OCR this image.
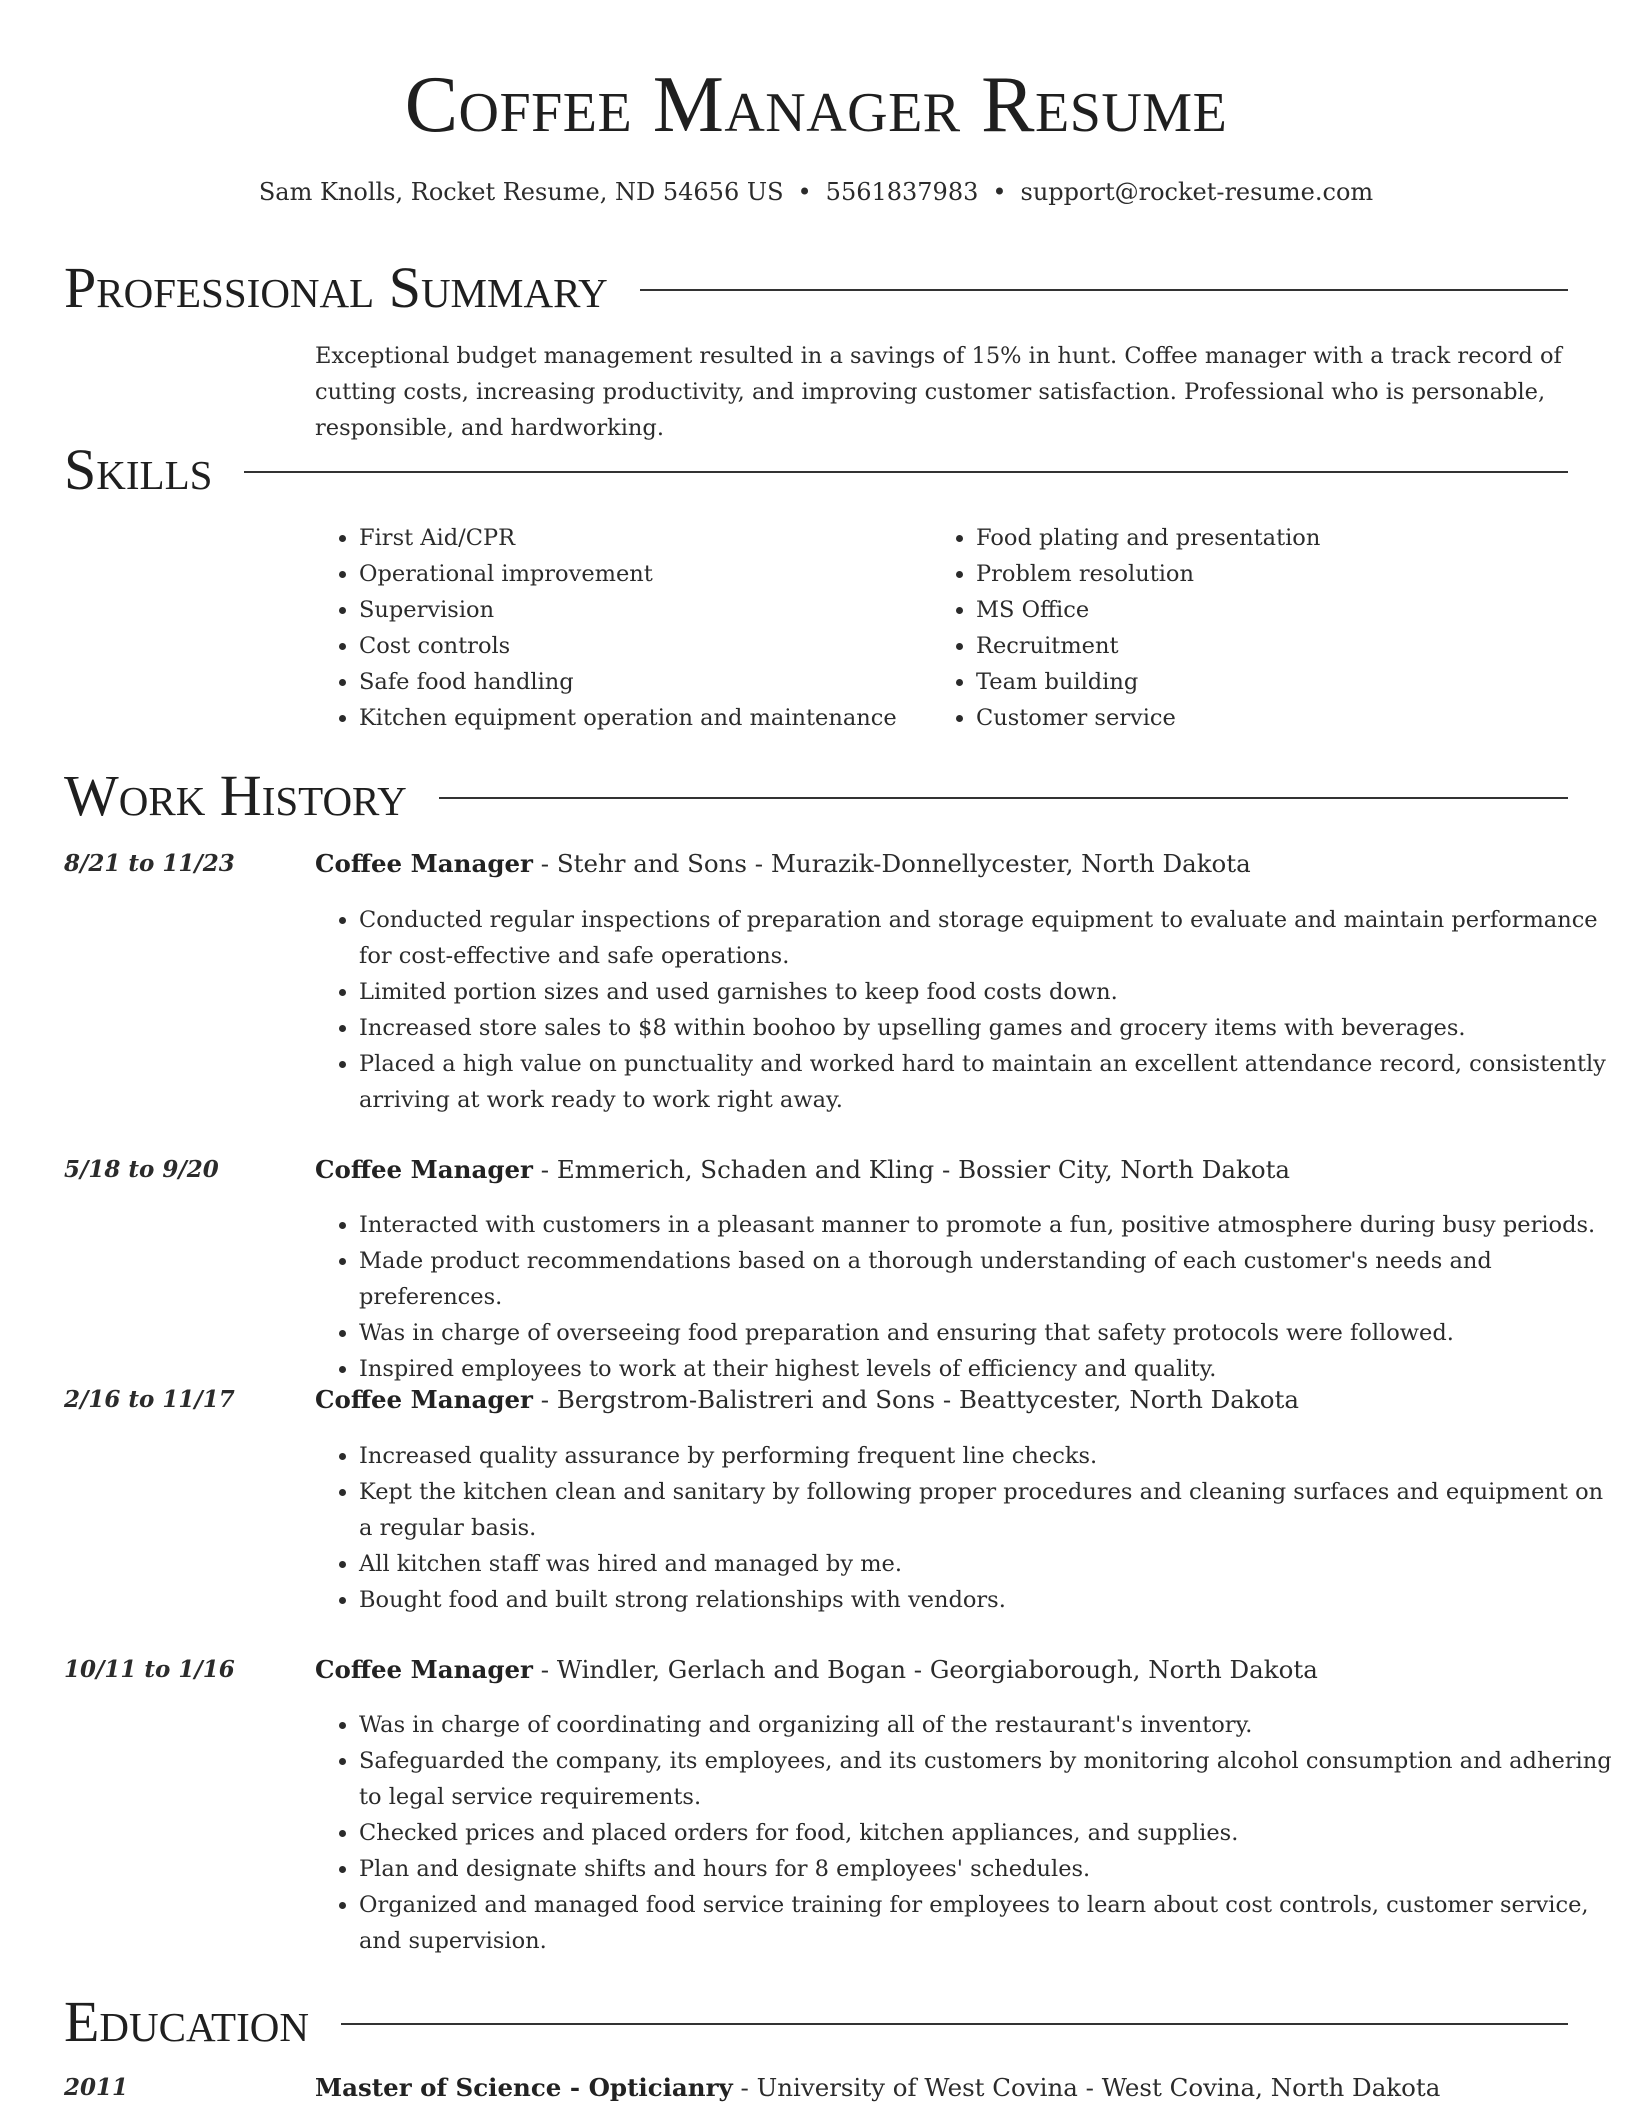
Coffee Manager Resume
Sam Knolls, Rocket Resume, ND 54656 US • 5561837983 • support@rocket-resume.com
Professional Summary
Exceptional budget management resulted in a savings of 15% in hunt. Coffee manager with a track record of cutting costs, increasing productivity, and improving customer satisfaction. Professional who is personable, responsible, and hardworking.
Skills
• First Aid/CPR
• Operational improvement
• Supervision
• Cost controls
• Safe food handling
• Kitchen equipment operation and maintenance
• Food plating and presentation
• Problem resolution
• MS Office
• Recruitment
• Team building
• Customer service
Work History
8/21 to 11/23	Coffee Manager - Stehr and Sons - Murazik-Donnellycester, North Dakota
• Conducted regular inspections of preparation and storage equipment to evaluate and maintain performance for cost-effective and safe operations.
• Limited portion sizes and used garnishes to keep food costs down.
• Increased store sales to $8 within boohoo by upselling games and grocery items with beverages.
• Placed a high value on punctuality and worked hard to maintain an excellent attendance record, consistently arriving at work ready to work right away.
5/18 to 9/20	Coffee Manager - Emmerich, Schaden and Kling - Bossier City, North Dakota
• Interacted with customers in a pleasant manner to promote a fun, positive atmosphere during busy periods.
• Made product recommendations based on a thorough understanding of each customer's needs and preferences.
• Was in charge of overseeing food preparation and ensuring that safety protocols were followed.
• Inspired employees to work at their highest levels of efficiency and quality.
2/16 to 11/17	Coffee Manager - Bergstrom-Balistreri and Sons - Beattycester, North Dakota
• Increased quality assurance by performing frequent line checks.
• Kept the kitchen clean and sanitary by following proper procedures and cleaning surfaces and equipment on a regular basis.
• All kitchen staff was hired and managed by me.
• Bought food and built strong relationships with vendors.
10/11 to 1/16	Coffee Manager - Windler, Gerlach and Bogan - Georgiaborough, North Dakota
• Was in charge of coordinating and organizing all of the restaurant's inventory.
• Safeguarded the company, its employees, and its customers by monitoring alcohol consumption and adhering to legal service requirements.
• Checked prices and placed orders for food, kitchen appliances, and supplies.
• Plan and designate shifts and hours for 8 employees' schedules.
• Organized and managed food service training for employees to learn about cost controls, customer service, and supervision.
Education
2011	Master of Science - Opticianry - University of West Covina - West Covina, North Dakota
